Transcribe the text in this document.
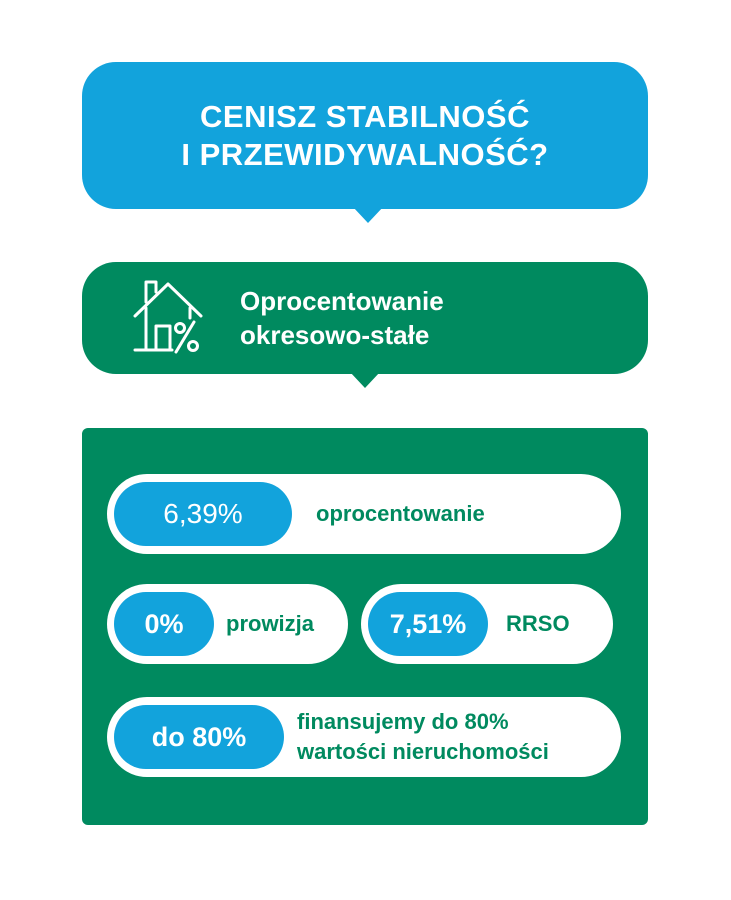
CENISZ STABILNOŚĆ
I PRZEWIDYWALNOŚĆ?
Oprocentowanie
okresowo-stałe
6,39%	oprocentowanie
0%	prowizja	7,51%	RRSO
do 80%	finansujemy do 80%
wartości nieruchomości
